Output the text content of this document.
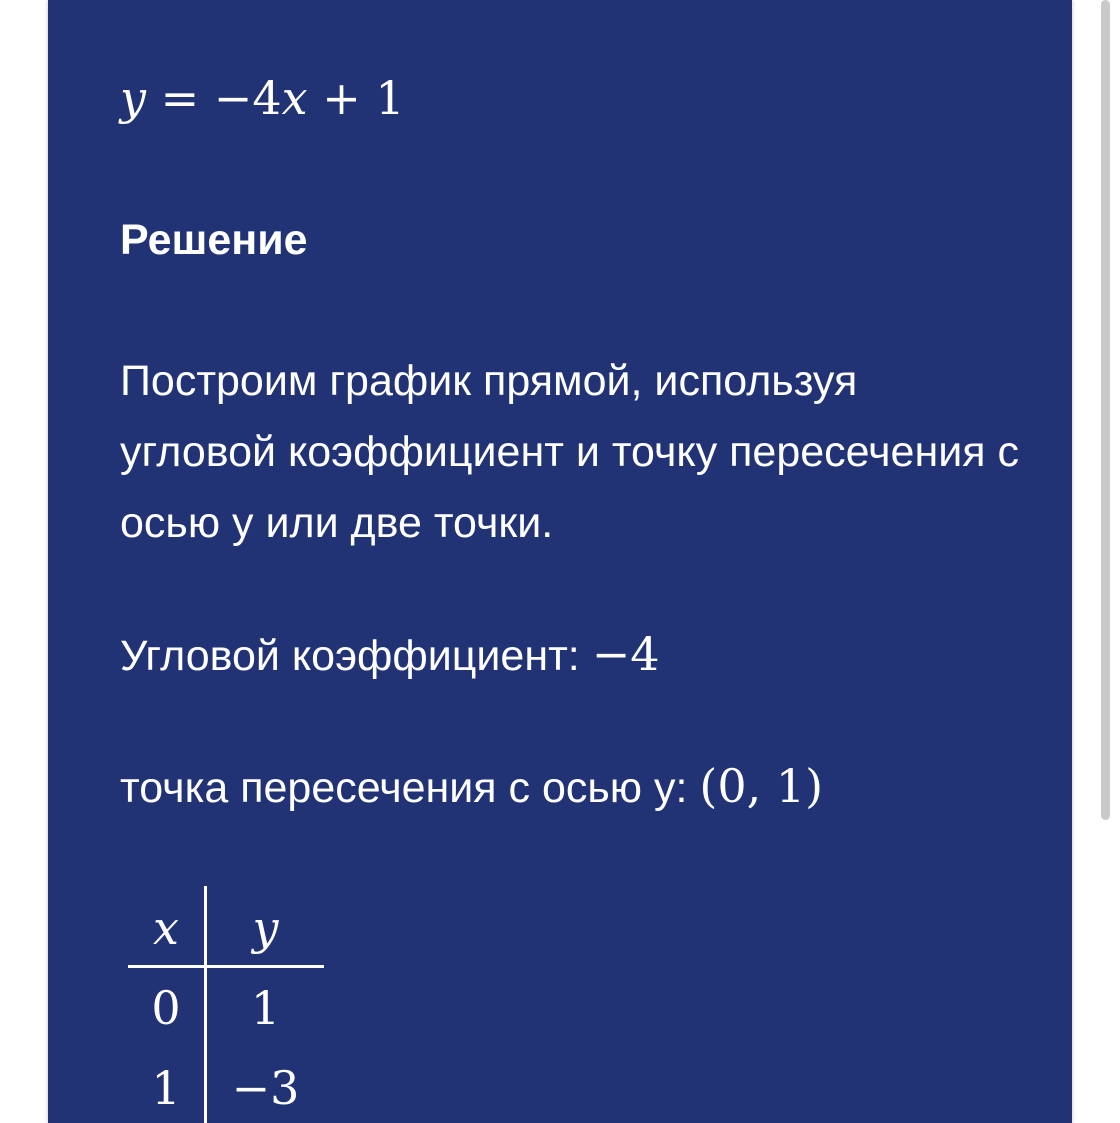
y = −4x + 1
Решение
Построим график прямой, используя угловой коэффициент и точку пересечения с осью y или две точки.
Угловой коэффициент: −4
точка пересечения с осью y: (0, 1)
x	y
0	1
1	−3
